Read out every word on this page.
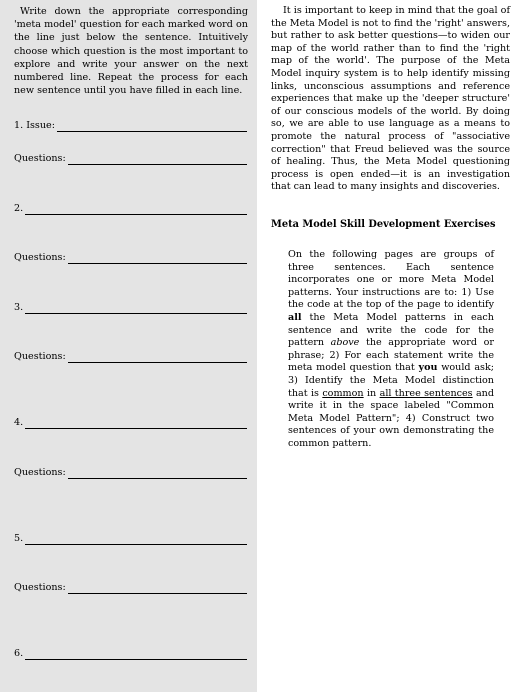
Write down the appropriate corresponding 'meta model' question for each marked word on the line just below the sentence. Intuitively choose which question is the most important to explore and write your answer on the next numbered line. Repeat the process for each new sentence until you have filled in each line.
1. Issue:
Questions:
2.
Questions:
3.
Questions:
4.
Questions:
5.
Questions:
6.

It is important to keep in mind that the goal of the Meta Model is not to find the 'right' answers, but rather to ask better questions—to widen our map of the world rather than to find the 'right map of the world'. The purpose of the Meta Model inquiry system is to help identify missing links, unconscious assumptions and reference experiences that make up the 'deeper structure' of our conscious models of the world. By doing so, we are able to use language as a means to promote the natural process of "associative correction" that Freud believed was the source of healing. Thus, the Meta Model questioning process is open ended—it is an investigation that can lead to many insights and discoveries.

Meta Model Skill Development Exercises
On the following pages are groups of three sentences. Each sentence incorporates one or more Meta Model patterns. Your instructions are to: 1) Use the code at the top of the page to identify all the Meta Model patterns in each sentence and write the code for the pattern above the appropriate word or phrase; 2) For each statement write the meta model question that you would ask; 3) Identify the Meta Model distinction that is common in all three sentences and write it in the space labeled "Common Meta Model Pattern"; 4) Construct two sentences of your own demonstrating the common pattern.
